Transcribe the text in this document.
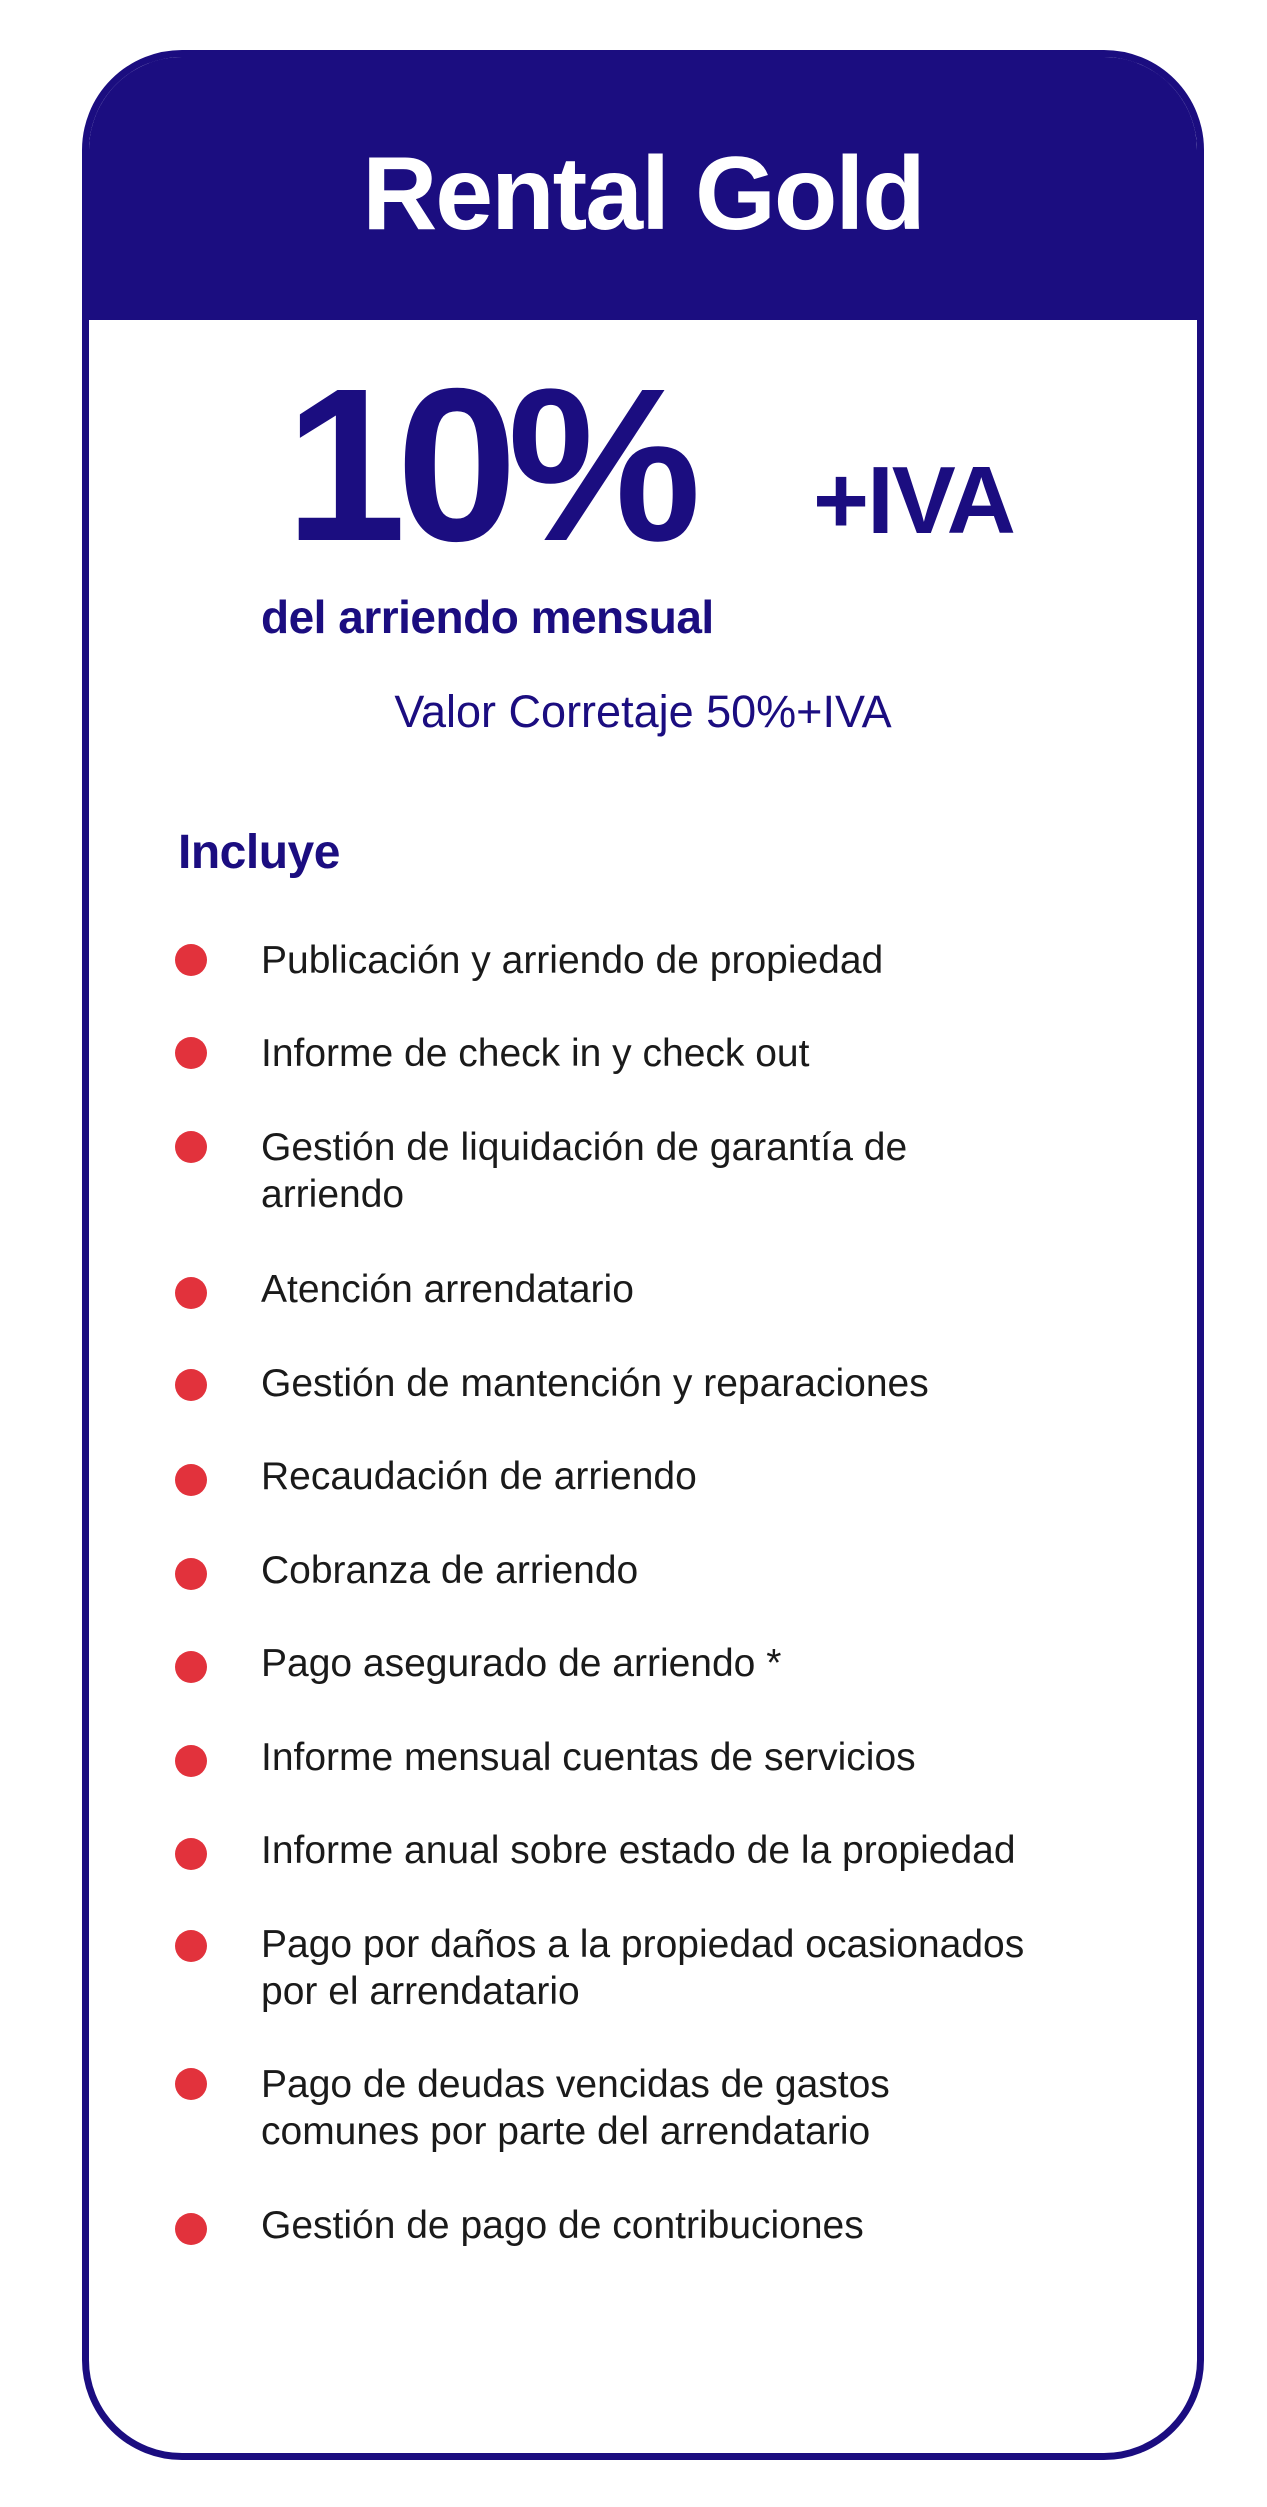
Rental Gold
10% +IVA
del arriendo mensual
Valor Corretaje 50%+IVA
Incluye
Publicación y arriendo de propiedad
Informe de check in y check out
Gestión de liquidación de garantía de
arriendo
Atención arrendatario
Gestión de mantención y reparaciones
Recaudación de arriendo
Cobranza de arriendo
Pago asegurado de arriendo *
Informe mensual cuentas de servicios
Informe anual sobre estado de la propiedad
Pago por daños a la propiedad ocasionados
por el arrendatario
Pago de deudas vencidas de gastos
comunes por parte del arrendatario
Gestión de pago de contribuciones
